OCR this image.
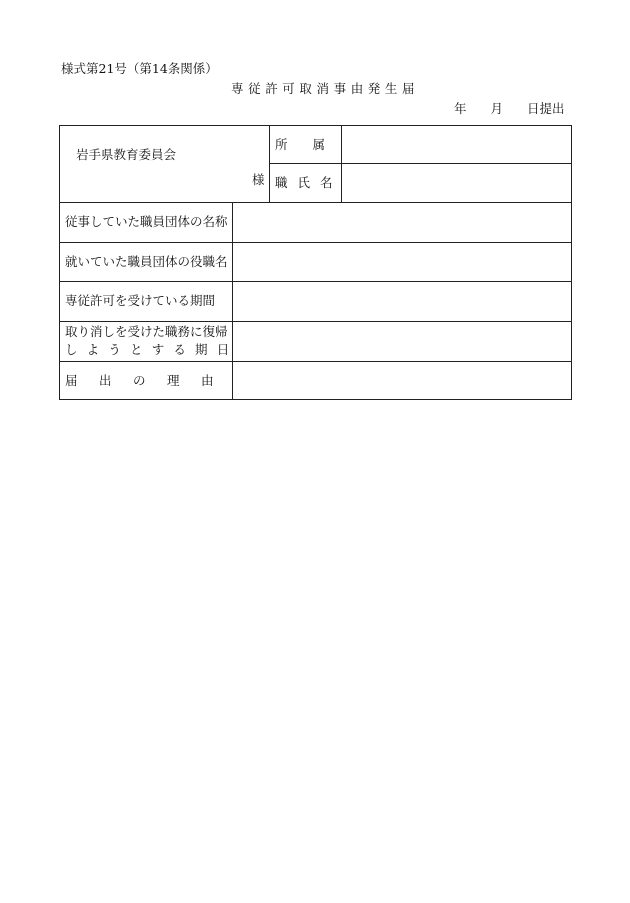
様式第21号（第14条関係）
専従許可取消事由発生届
年 月 日提出
岩手県教育委員会
様
所　　属
職 氏 名
従事していた職員団体の名称
就いていた職員団体の役職名
専従許可を受けている期間
取り消しを受けた職務に復帰
し よ う と す る 期 日
届　出　の　理　由
